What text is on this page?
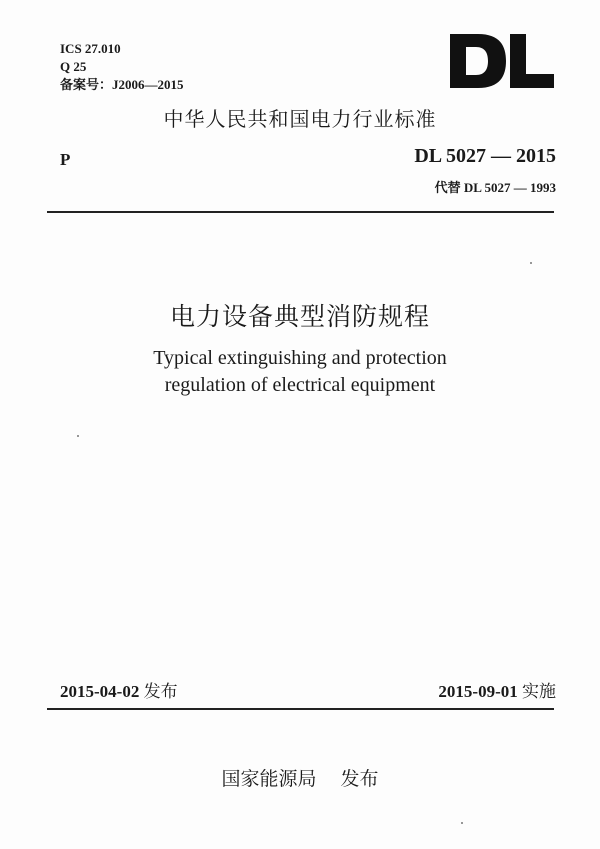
ICS 27.010
Q 25
备案号：J2006—2015
中华人民共和国电力行业标准
P	DL 5027 — 2015
代替 DL 5027 — 1993
电力设备典型消防规程
Typical extinguishing and protection
regulation of electrical equipment
2015-04-02 发布	2015-09-01 实施
国家能源局 发布
